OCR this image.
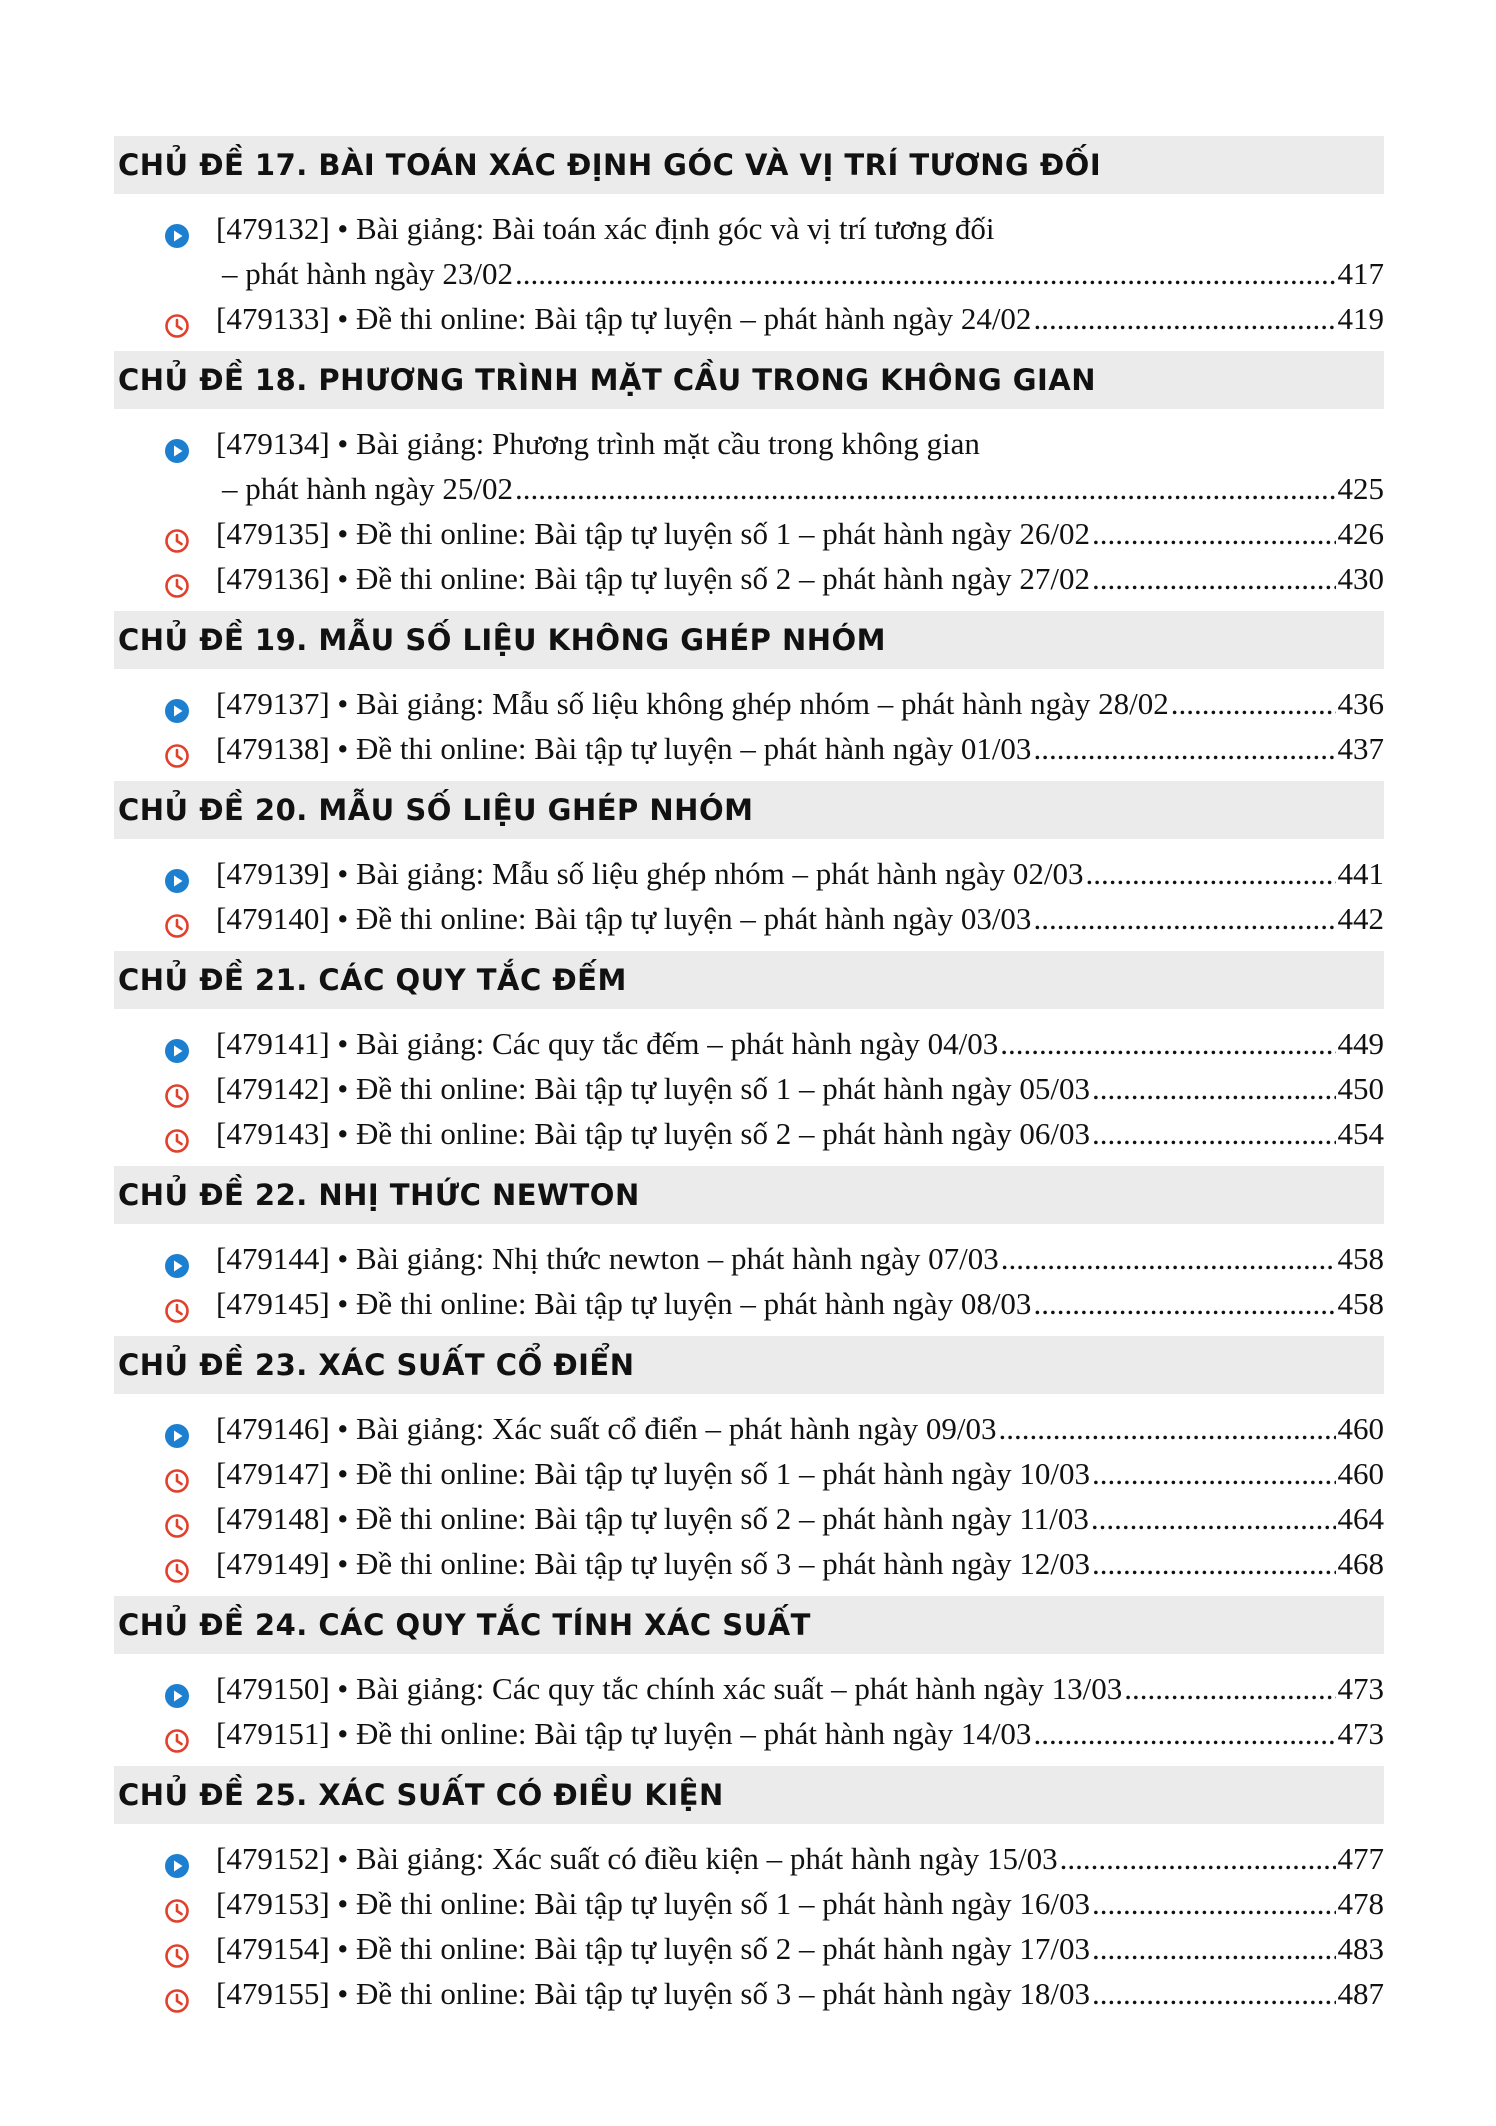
CHỦ ĐỀ 17. BÀI TOÁN XÁC ĐỊNH GÓC VÀ VỊ TRÍ TƯƠNG ĐỐI
[479132] • Bài giảng: Bài toán xác định góc và vị trí tương đối
– phát hành ngày 23/02 .....	417
[479133] • Đề thi online: Bài tập tự luyện – phát hành ngày 24/02 .....	419
CHỦ ĐỀ 18. PHƯƠNG TRÌNH MẶT CẦU TRONG KHÔNG GIAN
[479134] • Bài giảng: Phương trình mặt cầu trong không gian
– phát hành ngày 25/02 .....	425
[479135] • Đề thi online: Bài tập tự luyện số 1 – phát hành ngày 26/02 .....	426
[479136] • Đề thi online: Bài tập tự luyện số 2 – phát hành ngày 27/02 .....	430
CHỦ ĐỀ 19. MẪU SỐ LIỆU KHÔNG GHÉP NHÓM
[479137] • Bài giảng: Mẫu số liệu không ghép nhóm – phát hành ngày 28/02 .....	436
[479138] • Đề thi online: Bài tập tự luyện – phát hành ngày 01/03 .....	437
CHỦ ĐỀ 20. MẪU SỐ LIỆU GHÉP NHÓM
[479139] • Bài giảng: Mẫu số liệu ghép nhóm – phát hành ngày 02/03 .....	441
[479140] • Đề thi online: Bài tập tự luyện – phát hành ngày 03/03 .....	442
CHỦ ĐỀ 21. CÁC QUY TẮC ĐẾM
[479141] • Bài giảng: Các quy tắc đếm – phát hành ngày 04/03 .....	449
[479142] • Đề thi online: Bài tập tự luyện số 1 – phát hành ngày 05/03 .....	450
[479143] • Đề thi online: Bài tập tự luyện số 2 – phát hành ngày 06/03 .....	454
CHỦ ĐỀ 22. NHỊ THỨC NEWTON
[479144] • Bài giảng: Nhị thức newton – phát hành ngày 07/03 .....	458
[479145] • Đề thi online: Bài tập tự luyện – phát hành ngày 08/03 .....	458
CHỦ ĐỀ 23. XÁC SUẤT CỔ ĐIỂN
[479146] • Bài giảng: Xác suất cổ điển – phát hành ngày 09/03 .....	460
[479147] • Đề thi online: Bài tập tự luyện số 1 – phát hành ngày 10/03 .....	460
[479148] • Đề thi online: Bài tập tự luyện số 2 – phát hành ngày 11/03 .....	464
[479149] • Đề thi online: Bài tập tự luyện số 3 – phát hành ngày 12/03 .....	468
CHỦ ĐỀ 24. CÁC QUY TẮC TÍNH XÁC SUẤT
[479150] • Bài giảng: Các quy tắc chính xác suất – phát hành ngày 13/03 .....	473
[479151] • Đề thi online: Bài tập tự luyện – phát hành ngày 14/03 .....	473
CHỦ ĐỀ 25. XÁC SUẤT CÓ ĐIỀU KIỆN
[479152] • Bài giảng: Xác suất có điều kiện – phát hành ngày 15/03 .....	477
[479153] • Đề thi online: Bài tập tự luyện số 1 – phát hành ngày 16/03 .....	478
[479154] • Đề thi online: Bài tập tự luyện số 2 – phát hành ngày 17/03 .....	483
[479155] • Đề thi online: Bài tập tự luyện số 3 – phát hành ngày 18/03 .....	487
